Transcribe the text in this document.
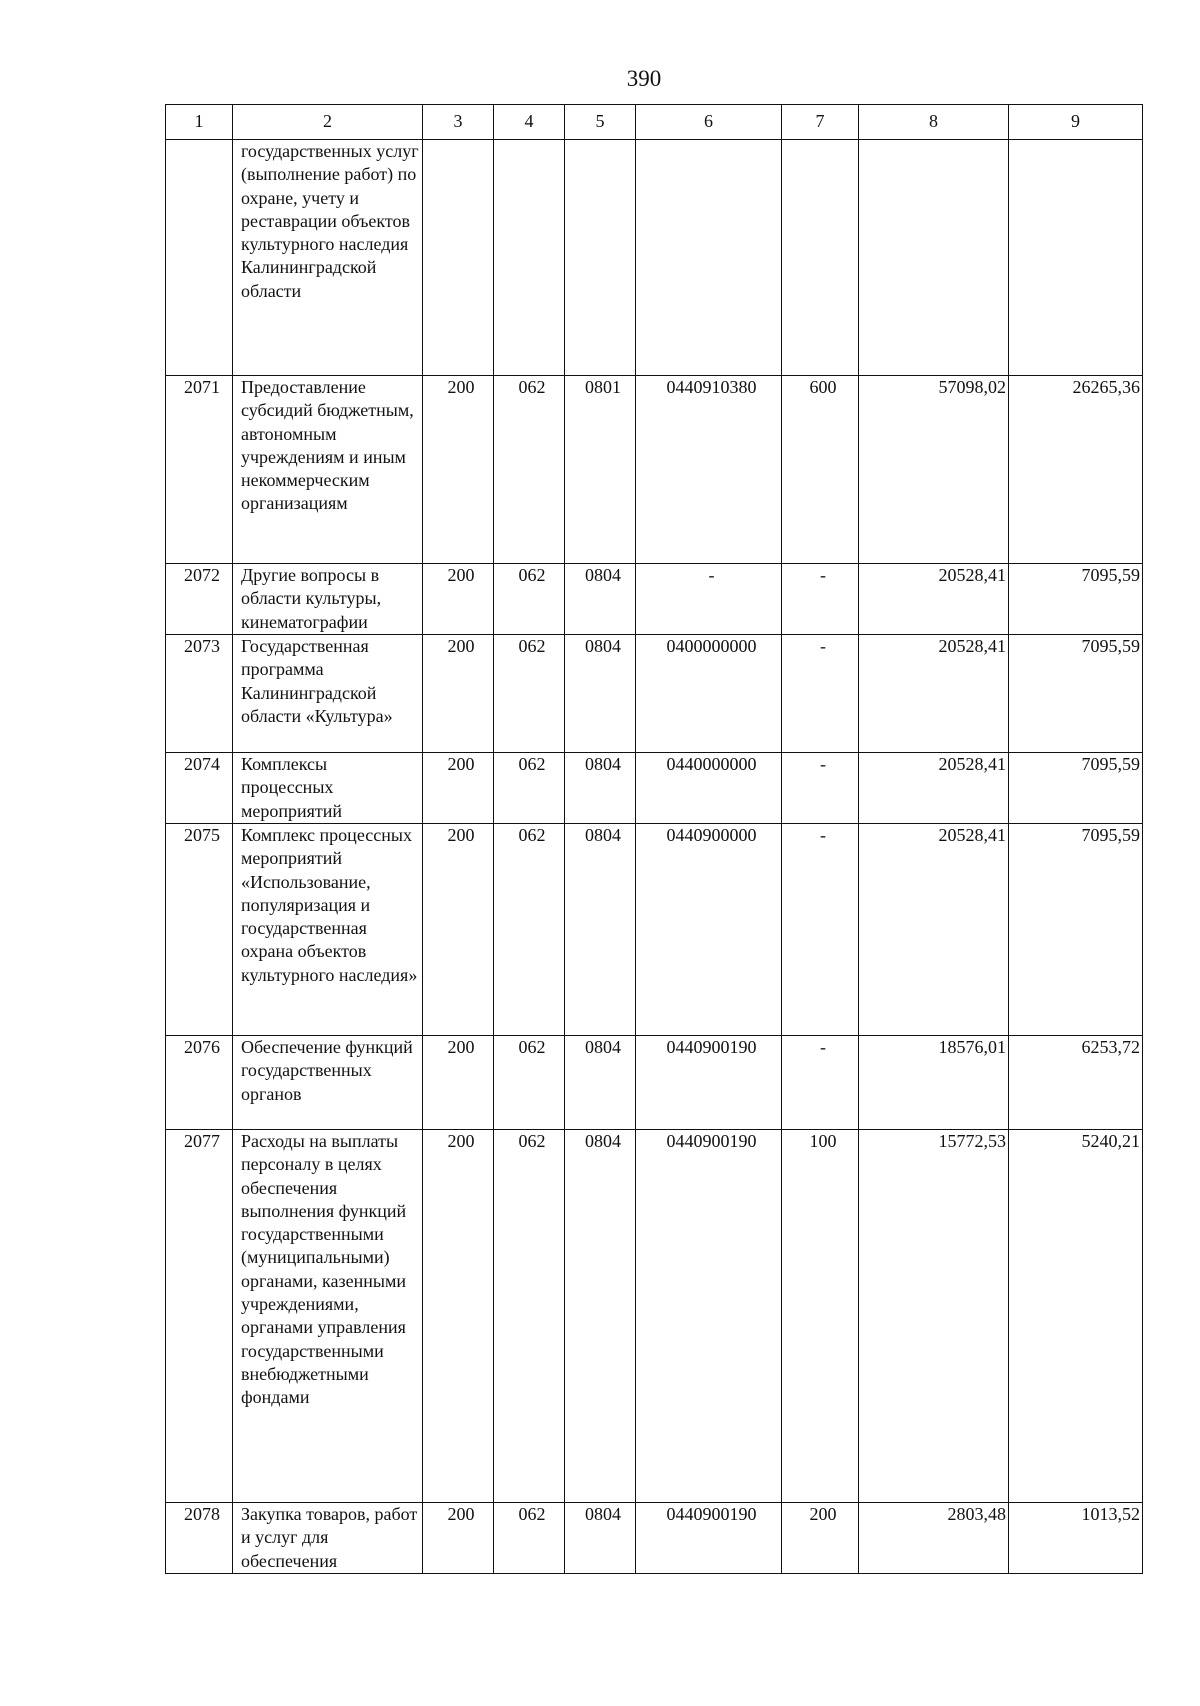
390
1	2	3	4	5	6	7	8	9
	государственных услуг (выполнение работ) по охране, учету и реставрации объектов культурного наследия Калининградской области							
2071	Предоставление субсидий бюджетным, автономным учреждениям и иным некоммерческим организациям	200	062	0801	0440910380	600	57098,02	26265,36
2072	Другие вопросы в области культуры, кинематографии	200	062	0804	-	-	20528,41	7095,59
2073	Государственная программа Калининградской области «Культура»	200	062	0804	0400000000	-	20528,41	7095,59
2074	Комплексы процессных мероприятий	200	062	0804	0440000000	-	20528,41	7095,59
2075	Комплекс процессных мероприятий «Использование, популяризация и государственная охрана объектов культурного наследия»	200	062	0804	0440900000	-	20528,41	7095,59
2076	Обеспечение функций государственных органов	200	062	0804	0440900190	-	18576,01	6253,72
2077	Расходы на выплаты персоналу в целях обеспечения выполнения функций государственными (муниципальными) органами, казенными учреждениями, органами управления государственными внебюджетными фондами	200	062	0804	0440900190	100	15772,53	5240,21
2078	Закупка товаров, работ и услуг для обеспечения	200	062	0804	0440900190	200	2803,48	1013,52
